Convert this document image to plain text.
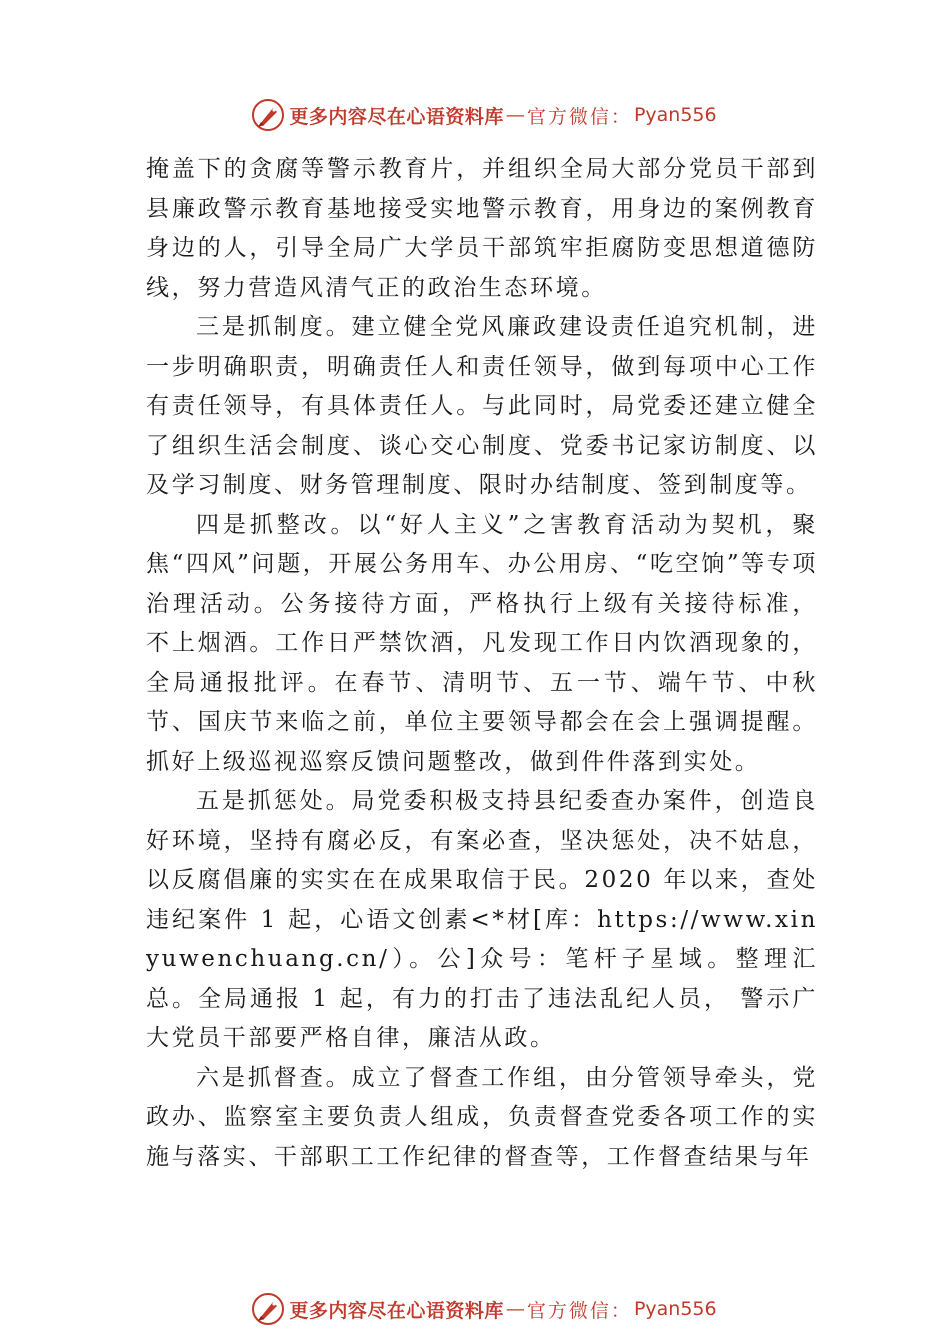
更多内容尽在心语资料库 — 官方微信： Pyan556

掩盖下的贪腐等警示教育片，并组织全局大部分党员干部到县廉政警示教育基地接受实地警示教育，用身边的案例教育身边的人，引导全局广大学员干部筑牢拒腐防变思想道德防线，努力营造风清气正的政治生态环境。

三是抓制度。建立健全党风廉政建设责任追究机制，进一步明确职责，明确责任人和责任领导，做到每项中心工作有责任领导，有具体责任人。与此同时，局党委还建立健全了组织生活会制度、谈心交心制度、党委书记家访制度、以及学习制度、财务管理制度、限时办结制度、签到制度等。

四是抓整改。以“好人主义”之害教育活动为契机，聚焦“四风”问题，开展公务用车、办公用房、“吃空饷”等专项治理活动。公务接待方面，严格执行上级有关接待标准， 不上烟酒。工作日严禁饮酒，凡发现工作日内饮酒现象的， 全局通报批评。在春节、清明节、五一节、端午节、中秋节、国庆节来临之前，单位主要领导都会在会上强调提醒。抓好上级巡视巡察反馈问题整改，做到件件落到实处。

五是抓惩处。局党委积极支持县纪委查办案件，创造良好环境，坚持有腐必反，有案必查，坚决惩处，决不姑息，以反腐倡廉的实实在在成果取信于民。2020 年以来，查处违纪案件 1 起，心语文创素<*材[库：https://www.xinyuwenchuang.cn/）。公]众号：笔杆子星域。整理汇总。全局通报 1 起，有力的打击了违法乱纪人员， 警示广大党员干部要严格自律，廉洁从政。

六是抓督查。成立了督查工作组，由分管领导牵头，党政办、监察室主要负责人组成，负责督查党委各项工作的实施与落实、干部职工工作纪律的督查等，工作督查结果与年

更多内容尽在心语资料库 — 官方微信： Pyan556
